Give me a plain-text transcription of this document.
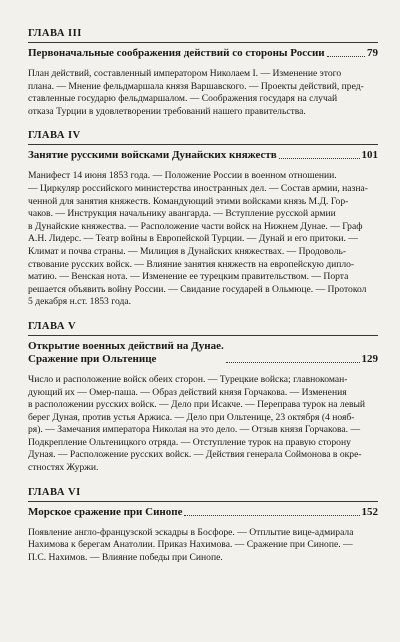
ГЛАВА III
Первоначальные соображения действий со стороны России	79
План действий, составленный императором Николаем I. — Изменение этого
плана. — Мнение фельдмаршала князя Варшавского. — Проекты действий, пред-
ставленные государю фельдмаршалом. — Соображения государя на случай
отказа Турции в удовлетворении требований нашего правительства.
ГЛАВА IV
Занятие русскими войсками Дунайских княжеств	101
Манифест 14 июня 1853 года. — Положение России в военном отношении.
— Циркуляр российского министерства иностранных дел. — Состав армии, назна-
ченной для занятия княжеств. Командующий этими войсками князь М.Д. Гор-
чаков. — Инструкция начальнику авангарда. — Вступление русской армии
в Дунайские княжества. — Расположение части войск на Нижнем Дунае. — Граф
А.Н. Лидерс. — Театр войны в Европейской Турции. — Дунай и его притоки. —
Климат и почва страны. — Милиция в Дунайских княжествах. — Продоволь-
ствование русских войск. — Влияние занятия княжеств на европейскую дипло-
матию. — Венская нота. — Изменение ее турецким правительством. — Порта
решается объявить войну России. — Свидание государей в Ольмюце. — Протокол
5 декабря н.ст. 1853 года.
ГЛАВА V
Открытие военных действий на Дунае.
Сражение при Ольтенице	129
Число и расположение войск обеих сторон. — Турецкие войска; главнокоман-
дующий их — Омер-паша. — Образ действий князя Горчакова. — Изменения
в расположении русских войск. — Дело при Исакче. — Переправа турок на левый
берег Дуная, против устья Аржиса. — Дело при Ольтенице, 23 октября (4 нояб-
ря). — Замечания императора Николая на это дело. — Отзыв князя Горчакова. —
Подкрепление Ольтеницкого отряда. — Отступление турок на правую сторону
Дуная. — Расположение русских войск. — Действия генерала Соймонова в окре-
стностях Журжи.
ГЛАВА VI
Морское сражение при Синопе	152
Появление англо-французской эскадры в Босфоре. — Отплытие вице-адмирала
Нахимова к берегам Анатолии. Приказ Нахимова. — Сражение при Синопе. —
П.С. Нахимов. — Влияние победы при Синопе.
